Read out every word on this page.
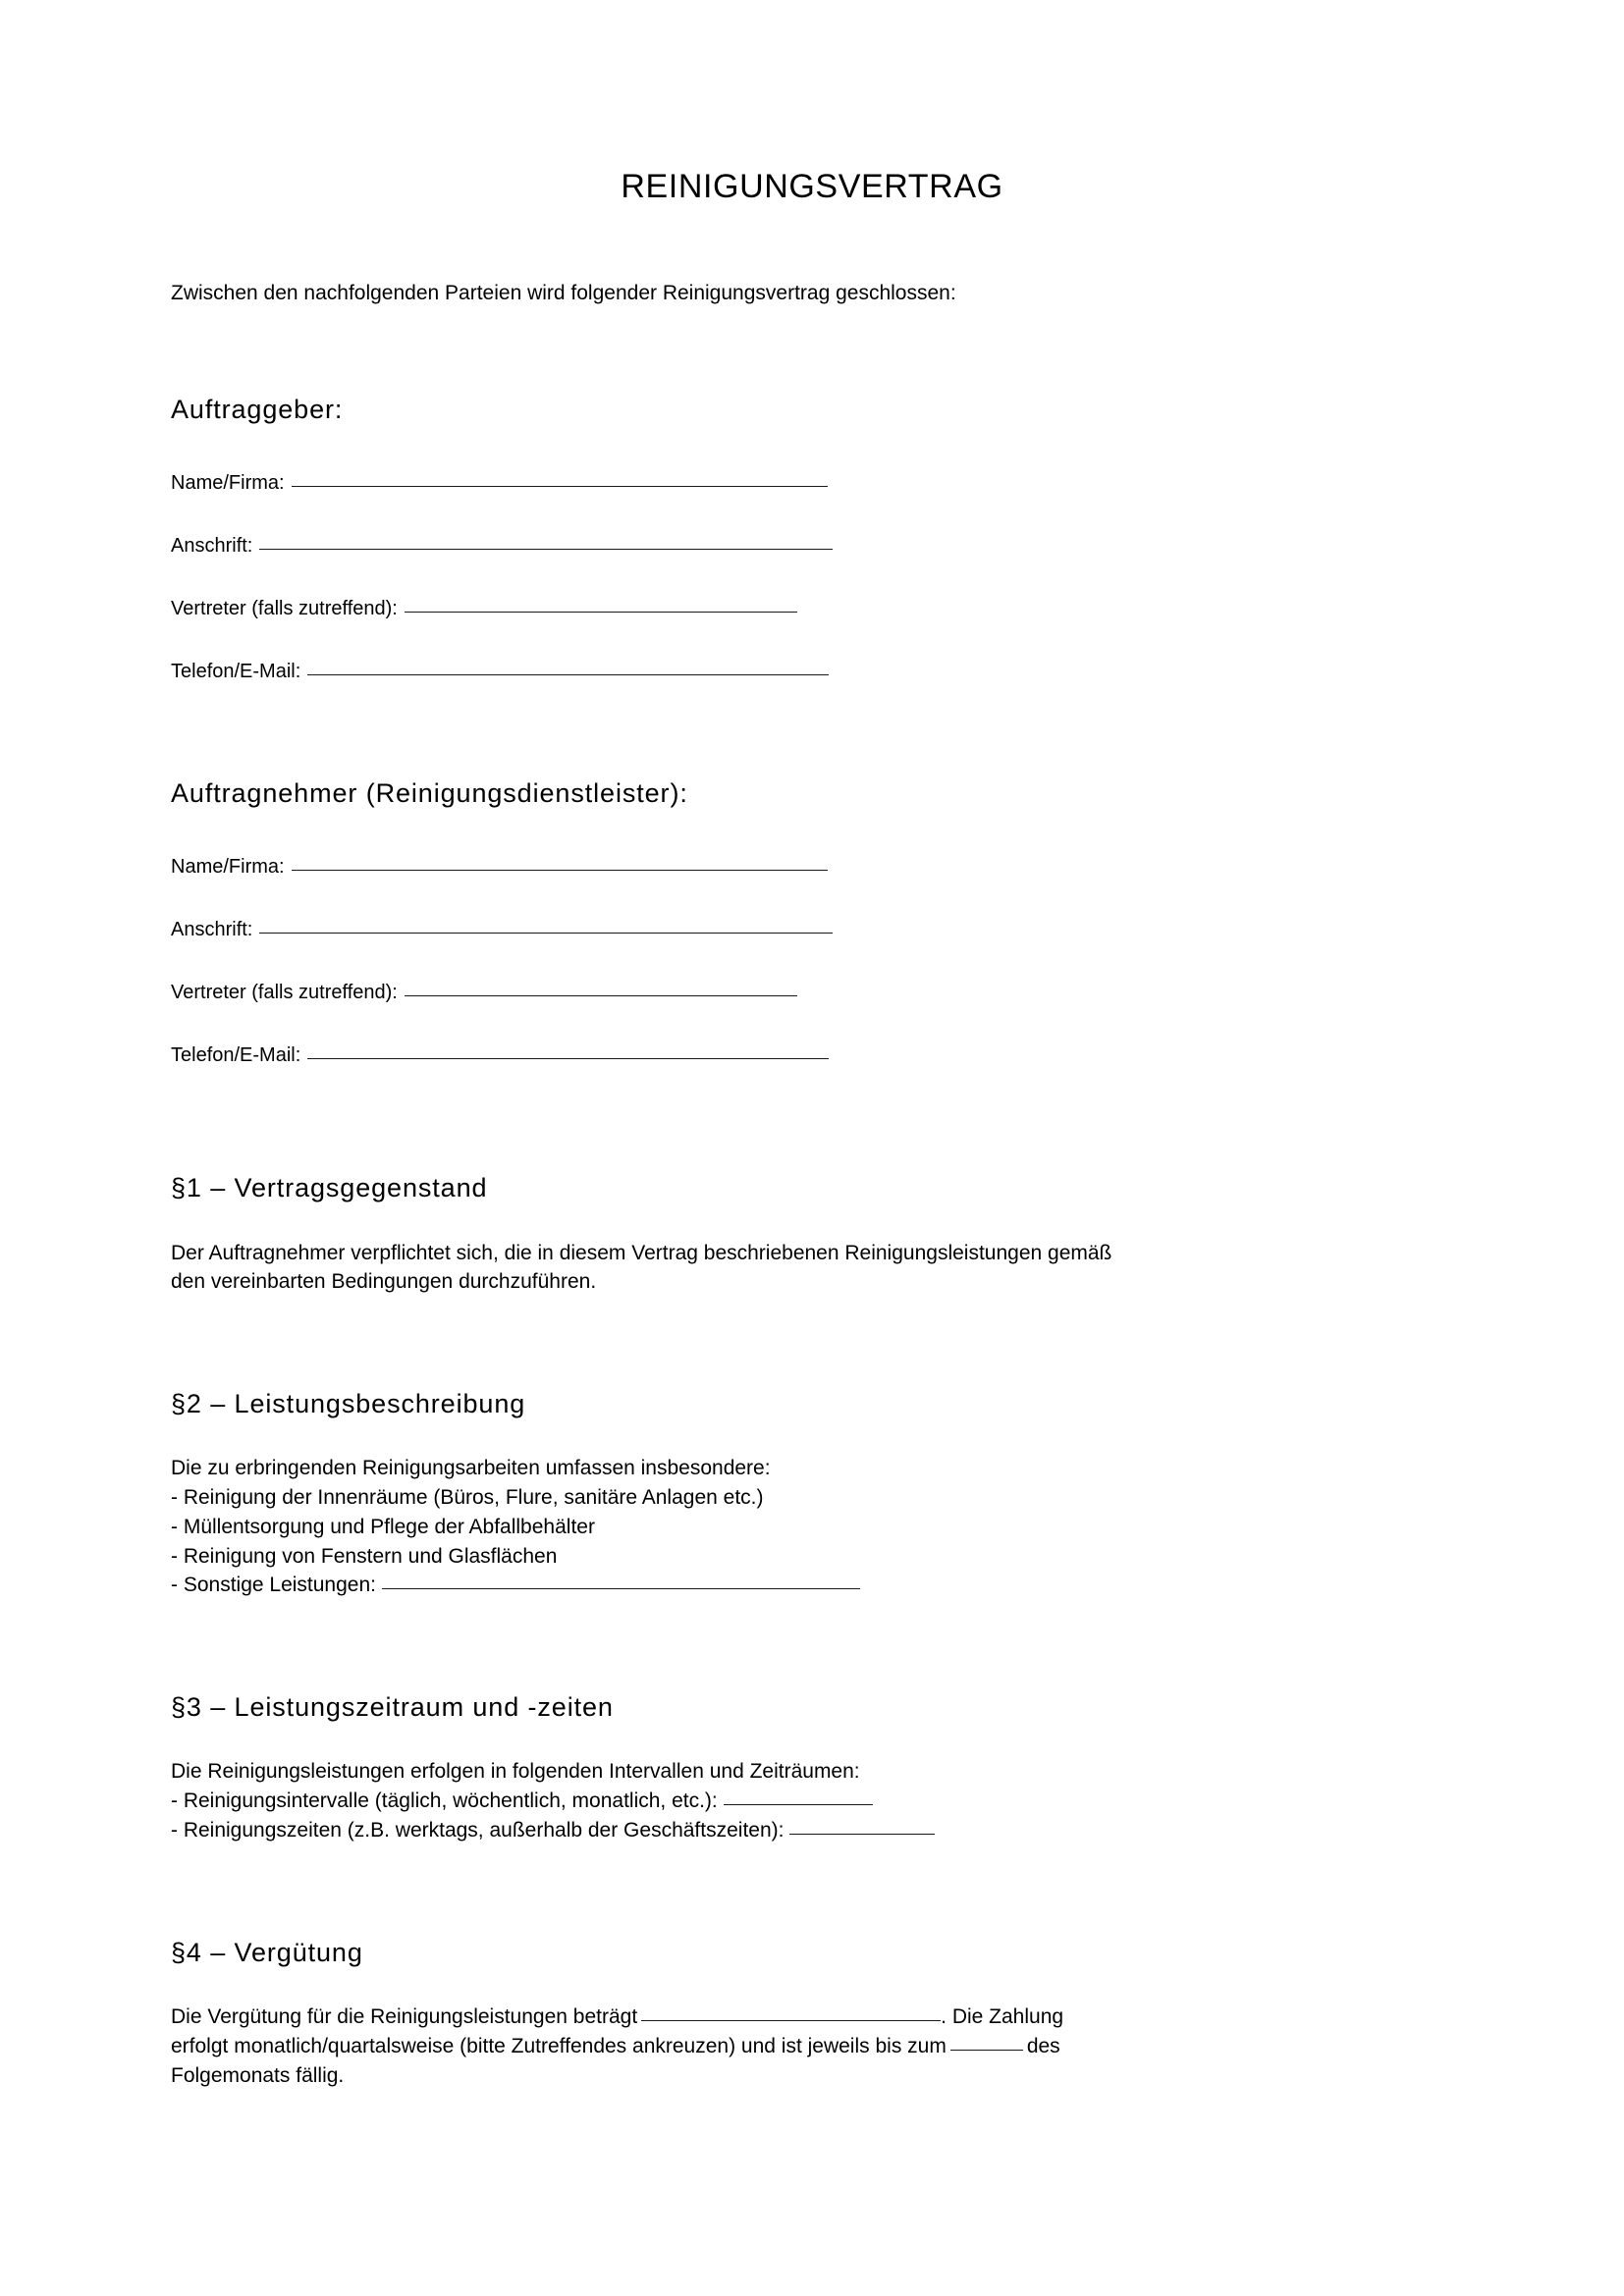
REINIGUNGSVERTRAG

Zwischen den nachfolgenden Parteien wird folgender Reinigungsvertrag geschlossen:

Auftraggeber:
Name/Firma:
Anschrift:
Vertreter (falls zutreffend):
Telefon/E-Mail:
Auftragnehmer (Reinigungsdienstleister):
Name/Firma:
Anschrift:
Vertreter (falls zutreffend):
Telefon/E-Mail:
§1 – Vertragsgegenstand
Der Auftragnehmer verpflichtet sich, die in diesem Vertrag beschriebenen Reinigungsleistungen gemäß
den vereinbarten Bedingungen durchzuführen.
§2 – Leistungsbeschreibung
Die zu erbringenden Reinigungsarbeiten umfassen insbesondere:
- Reinigung der Innenräume (Büros, Flure, sanitäre Anlagen etc.)
- Müllentsorgung und Pflege der Abfallbehälter
- Reinigung von Fenstern und Glasflächen
- Sonstige Leistungen:
§3 – Leistungszeitraum und -zeiten
Die Reinigungsleistungen erfolgen in folgenden Intervallen und Zeiträumen:
- Reinigungsintervalle (täglich, wöchentlich, monatlich, etc.):
- Reinigungszeiten (z.B. werktags, außerhalb der Geschäftszeiten):
§4 – Vergütung
Die Vergütung für die Reinigungsleistungen beträgt	. Die Zahlung
erfolgt monatlich/quartalsweise (bitte Zutreffendes ankreuzen) und ist jeweils bis zum	des
Folgemonats fällig.
